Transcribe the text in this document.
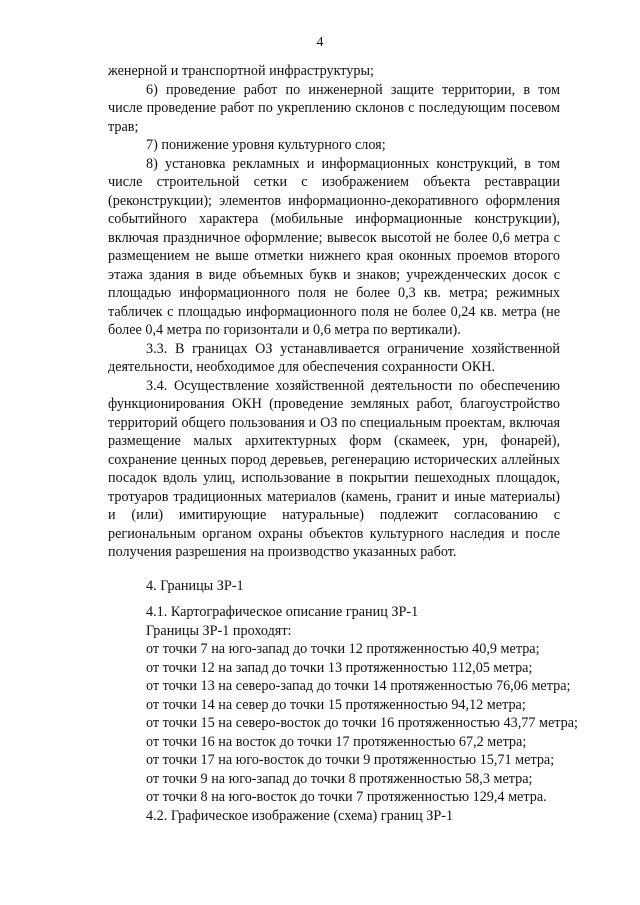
4

женерной и транспортной инфраструктуры;

6) проведение работ по инженерной защите территории, в том числе проведение работ по укреплению склонов с последующим посевом трав;

7) понижение уровня культурного слоя;

8) установка рекламных и информационных конструкций, в том числе строительной сетки с изображением объекта реставрации (реконструкции); элементов информационно-декоративного оформления событийного характера (мобильные информационные конструкции), включая праздничное оформление; вывесок высотой не более 0,6 метра с размещением не выше отметки нижнего края оконных проемов второго этажа здания в виде объемных букв и знаков; учрежденческих досок с площадью информационного поля не более 0,3 кв. метра; режимных табличек с площадью информационного поля не более 0,24 кв. метра (не более 0,4 метра по горизонтали и 0,6 метра по вертикали).

3.3. В границах ОЗ устанавливается ограничение хозяйственной деятельности, необходимое для обеспечения сохранности ОКН.

3.4. Осуществление хозяйственной деятельности по обеспечению функционирования ОКН (проведение земляных работ, благоустройство территорий общего пользования и ОЗ по специальным проектам, включая размещение малых архитектурных форм (скамеек, урн, фонарей), сохранение ценных пород деревьев, регенерацию исторических аллейных посадок вдоль улиц, использование в покрытии пешеходных площадок, тротуаров традиционных материалов (камень, гранит и иные материалы) и (или) имитирующие натуральные) подлежит согласованию с региональным органом охраны объектов культурного наследия и после получения разрешения на производство указанных работ.

4. Границы ЗР-1

4.1. Картографическое описание границ ЗР-1

Границы ЗР-1 проходят:

от точки 7 на юго-запад до точки 12 протяженностью 40,9 метра;

от точки 12 на запад до точки 13 протяженностью 112,05 метра;

от точки 13 на северо-запад до точки 14 протяженностью 76,06 метра;

от точки 14 на север до точки 15 протяженностью 94,12 метра;

от точки 15 на северо-восток до точки 16 протяженностью 43,77 метра;

от точки 16 на восток до точки 17 протяженностью 67,2 метра;

от точки 17 на юго-восток до точки 9 протяженностью 15,71 метра;

от точки 9 на юго-запад до точки 8 протяженностью 58,3 метра;

от точки 8 на юго-восток до точки 7 протяженностью 129,4 метра.

4.2. Графическое изображение (схема) границ ЗР-1
